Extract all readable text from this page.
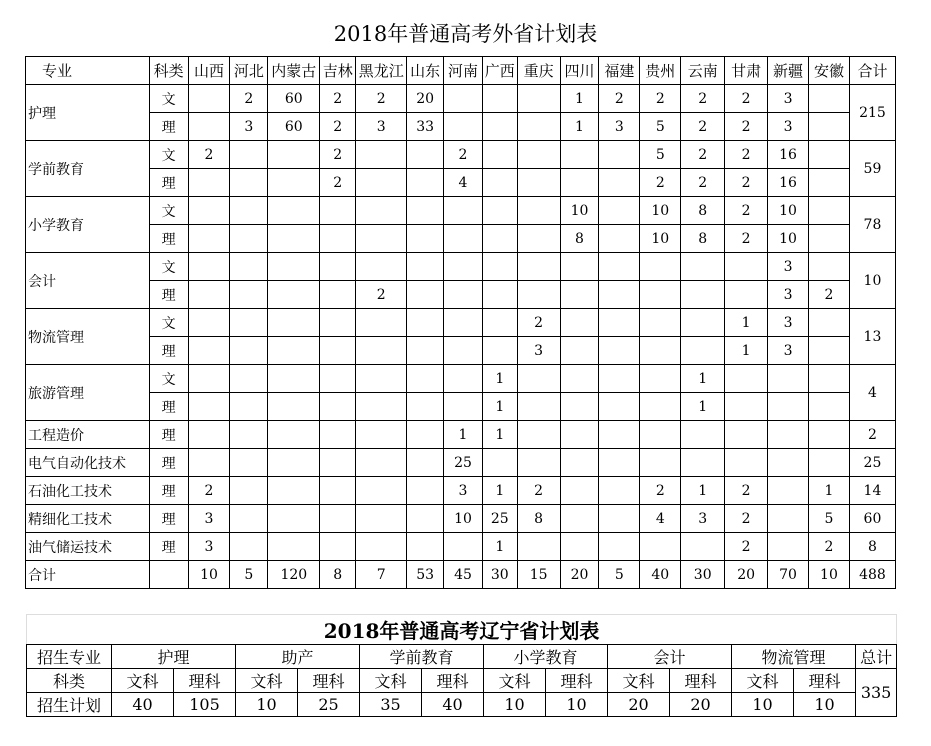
2018年普通高考外省计划表
专业	科类	山西	河北	内蒙古	吉林	黑龙江	山东	河南	广西	重庆	四川	福建	贵州	云南	甘肃	新疆	安徽	合计
护理	文		2	60	2	2	20				1	2	2	2	2	3		215
	理		3	60	2	3	33				1	3	5	2	2	3		
学前教育	文	2			2			2					5	2	2	16		59
	理				2			4					2	2	2	16		
小学教育	文										10		10	8	2	10		78
	理										8		10	8	2	10		
会计	文															3		10
	理					2										3	2	
物流管理	文									2					1	3		13
	理									3					1	3		
旅游管理	文								1					1				4
	理								1					1				
工程造价	理							1	1									2
电气自动化技术	理							25										25
石油化工技术	理	2						3	1	2			2	1	2		1	14
精细化工技术	理	3						10	25	8			4	3	2		5	60
油气储运技术	理	3							1						2		2	8
合计		10	5	120	8	7	53	45	30	15	20	5	40	30	20	70	10	488
2018年普通高考辽宁省计划表													
招生专业	护理		助产		学前教育		小学教育		会计		物流管理		总计
科类	文科	理科	文科	理科	文科	理科	文科	理科	文科	理科	文科	理科	335
招生计划	40	105	10	25	35	40	10	10	20	20	10	10	
